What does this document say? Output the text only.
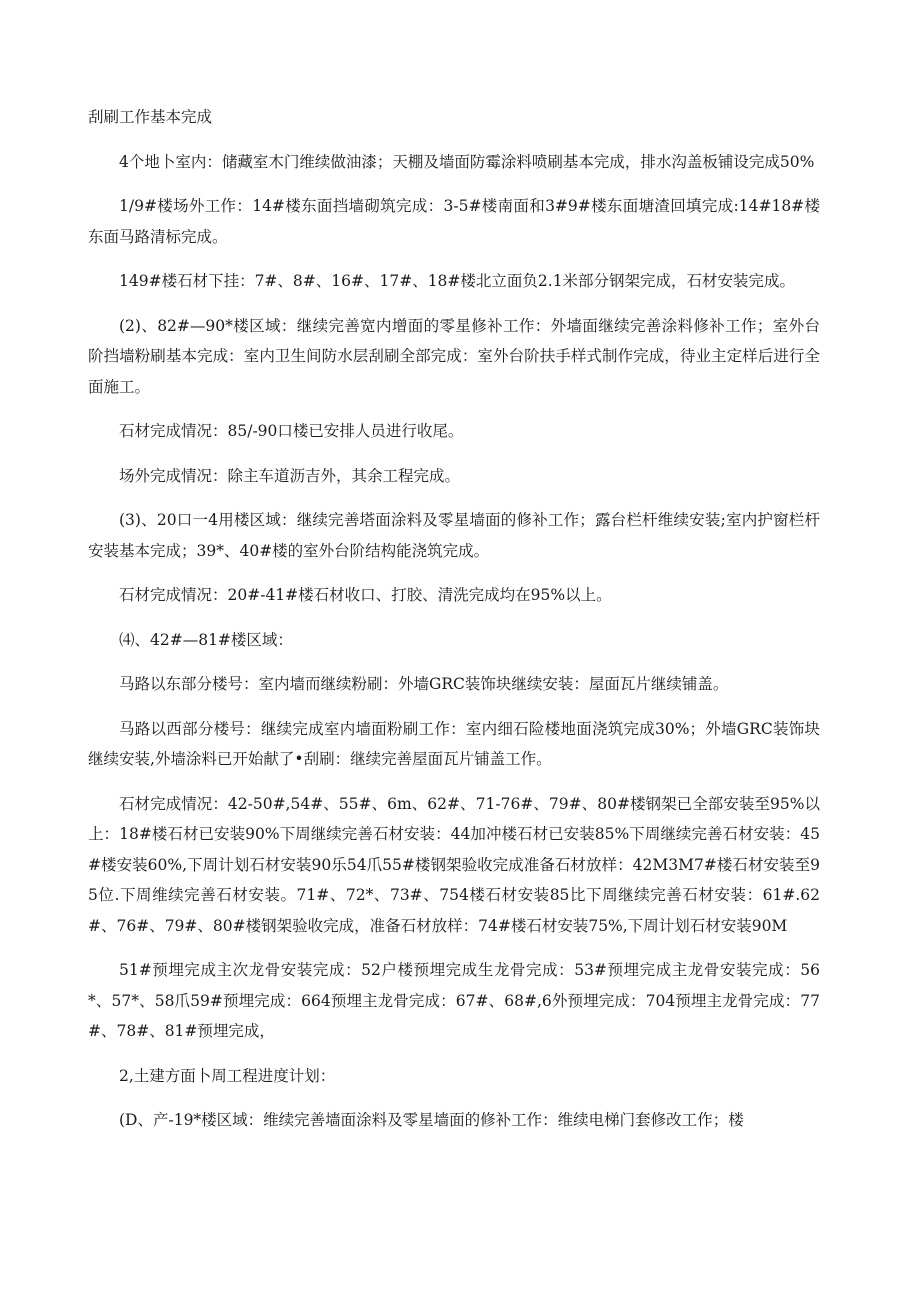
刮刷工作基本完成

4个地卜室内：储藏室木门维续做油漆；天棚及墙面防霉涂料喷刷基本完成，排水沟盖板铺设完成50%

1/9#楼场外工作：14#楼东面挡墙砌筑完成：3-5#楼南面和3#9#楼东面塘渣回填完成:14#18#楼东面马路清标完成。

149#楼石材下挂：7#、8#、16#、17#、18#楼北立面负2.1米部分钢架完成，石材安装完成。

(2)、82#—90*楼区域：继续完善宽内增面的零星修补工作：外墙面继续完善涂料修补工作；室外台阶挡墙粉刷基本完成：室内卫生间防水层刮刷全部完成：室外台阶扶手样式制作完成，待业主定样后进行全面施工。

石材完成情况：85/-90口楼已安排人员进行收尾。

场外完成情况：除主车道沥吉外，其余工程完成。

(3)、20口一4用楼区域：继续完善塔面涂料及零星墙面的修补工作；露台栏杆维续安装;室内护窗栏杆安装基本完成；39*、40#楼的室外台阶结构能浇筑完成。

石材完成情况：20#-41#楼石材收口、打胶、清洗完成均在95%以上。

⑷、42#—81#楼区域：

马路以东部分楼号：室内墙而继续粉刷：外墙GRC装饰块继续安装：屋面瓦片继续铺盖。

马路以西部分楼号：继续完成室内墙面粉刷工作：室内细石险楼地面浇筑完成30%；外墙GRC装饰块继续安装,外墙涂料已开始献了•刮刷：继续完善屋面瓦片铺盖工作。

石材完成情况：42-50#,54#、55#、6m、62#、71-76#、79#、80#楼钢架已全部安装至95%以上：18#楼石材已安装90%下周继续完善石材安装：44加冲楼石材已安装85%下周继续完善石材安装：45#楼安装60%,下周计划石材安装90乐54爪55#楼钢架验收完成准备石材放样：42M3M7#楼石材安装至95位.下周维续完善石材安装。71#、72*、73#、754楼石材安装85比下周继续完善石材安装：61#.62#、76#、79#、80#楼钢架验收完成，准备石材放样：74#楼石材安装75%,下周计划石材安装90M

51#预埋完成主次龙骨安装完成：52户楼预埋完成生龙骨完成：53#预埋完成主龙骨安装完成：56*、57*、58爪59#预埋完成：664预埋主龙骨完成：67#、68#,6外预埋完成：704预埋主龙骨完成：77#、78#、81#预埋完成，

2,土建方面卜周工程进度计划：

(D、产-19*楼区域：维续完善墙面涂料及零星墙面的修补工作：维续电梯门套修改工作；楼
